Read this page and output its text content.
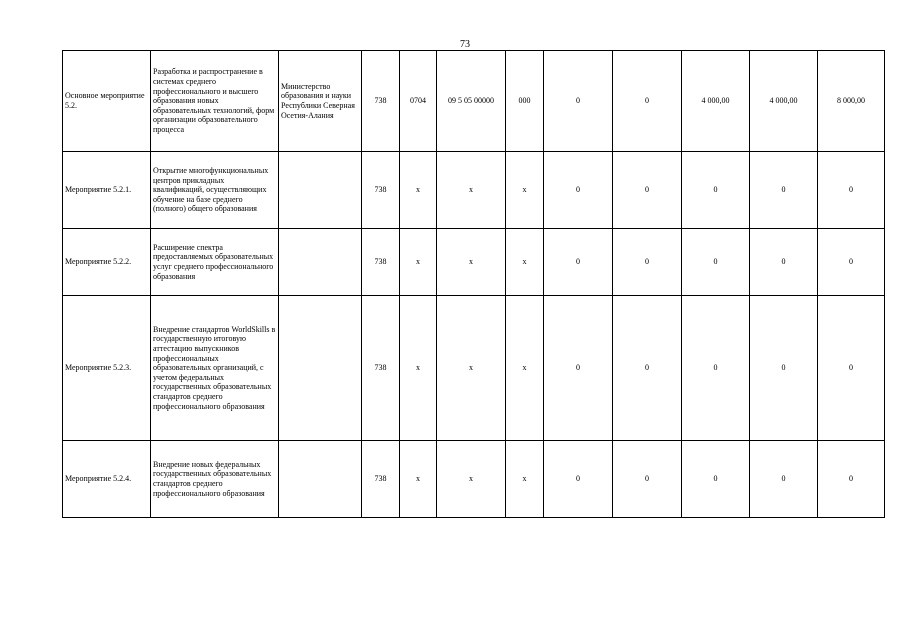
73
Основное мероприятие 5.2.	Разработка и распространение в системах среднего профессионального и высшего образования новых образовательных технологий, форм организации образовательного процесса	Министерство образования и науки Республики Северная Осетия-Алания	738	0704	09 5 05 00000	000	0	0	4 000,00	4 000,00	8 000,00
Мероприятие 5.2.1.	Открытие многофункциональных центров прикладных квалификаций, осуществляющих обучение на базе среднего (полного) общего образования		738	х	х	х	0	0	0	0	0
Мероприятие 5.2.2.	Расширение спектра предоставляемых образовательных услуг среднего профессионального образования		738	х	х	х	0	0	0	0	0
Мероприятие 5.2.3.	Внедрение стандартов WorldSkills в государственную итоговую аттестацию выпускников профессиональных образовательных организаций, с учетом федеральных государственных образовательных стандартов среднего профессионального образования		738	х	х	х	0	0	0	0	0
Мероприятие 5.2.4.	Внедрение новых федеральных государственных образовательных стандартов среднего профессионального образования		738	х	х	х	0	0	0	0	0
